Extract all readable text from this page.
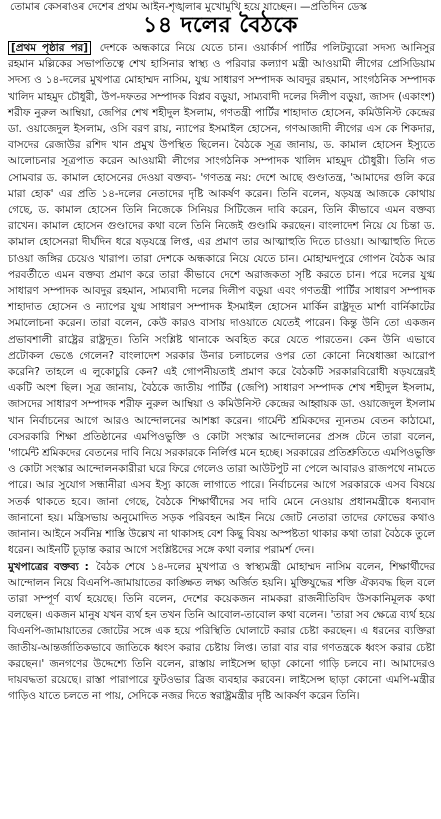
তোমাৰ কেসৰাওৰ দেশেৰ প্ৰথম আইন-শৃঙ্খলাৰ মুখোমুখি হয়ে যাচ্ছেন। —প্ৰতিদিন ডেস্ক
১৪ দলের বৈঠকে

[প্রথম পৃষ্ঠার পর] দেশকে অন্ধকারে নিয়ে যেতে চান। ওয়ার্কার্স পার্টির পলিটব্যুরো সদস্য আনিসুর রহমান মল্লিকের সভাপতিত্বে শেখ হাসিনার স্বাস্থ্য ও পরিবার কল্যাণ মন্ত্রী আওয়ামী লীগের প্রেসিডিয়াম সদস্য ও ১৪-দলের মুখপাত্র মোহাম্মদ নাসিম, যুগ্ম সাধারণ সম্পাদক আবদুর রহমান, সাংগঠনিক সম্পাদক খালিদ মাহমুদ চৌধুরী, উপ-দফতর সম্পাদক বিপ্লব বড়ুয়া, সাম্যবাদী দলের দিলীপ বড়ুয়া, জাসদ (একাংশ) শরীফ নুরুল আম্বিয়া, জেপির শেখ শহীদুল ইসলাম, গণতন্ত্রী পার্টির শাহাদাত হোসেন, কমিউনিস্ট কেন্দ্রের ডা. ওয়াজেদুল ইসলাম, ওসি বরণ রায়, ন্যাপের ইসমাইল হোসেন, গণআজাদী লীগের এস কে শিকদার, বাসদের রেজাউর রশিদ খান প্রমুখ উপস্থিত ছিলেন। বৈঠকে সূত্র জানায়, ড. কামাল হোসেন ইস্যুতে আলোচনার সূত্রপাত করেন আওয়ামী লীগের সাংগঠনিক সম্পাদক খালিদ মাহমুদ চৌধুরী। তিনি গত সোমবার ড. কামাল হোসেনের দেওয়া বক্তব্য- 'গণতন্ত্র নয়: দেশে আছে গুণ্ডাতন্ত্র, 'আমাদের গুলি করে মারা হোক' এর প্রতি ১৪-দলের নেতাদের দৃষ্টি আকর্ষণ করেন। তিনি বলেন, ষড়যন্ত্র আজকে কোথায় গেছে, ড. কামাল হোসেন তিনি নিজেকে সিনিয়র সিটিজেন দাবি করেন, তিনি কীভাবে এমন বক্তব্য রাখেন। কামাল হোসেন গুণ্ডাদের কথা বলে তিনি নিজেই গুণ্ডামি করছেন। বাংলাদেশ নিয়ে যে চিন্তা ড. কামাল হোসেনরা দীর্ঘদিন ধরে ষড়যন্ত্রে লিপ্ত, এর প্রমাণ তার আত্মাহুতি দিতে চাওয়া। আত্মাহুতি দিতে চাওয়া জঙ্গির চেয়েও খারাপ। তারা দেশকে অন্ধকারে নিয়ে যেতে চান। মোহাম্মদপুরে গোপন বৈঠক আর পরবর্তীতে এমন বক্তব্য প্রমাণ করে তারা কীভাবে দেশে অরাজকতা সৃষ্টি করতে চান। পরে দলের যুগ্ম সাধারণ সম্পাদক আবদুর রহমান, সাম্যবাদী দলের দিলীপ বড়ুয়া এবং গণতন্ত্রী পার্টির সাধারণ সম্পাদক শাহাদাত হোসেন ও ন্যাপের যুগ্ম সাধারণ সম্পাদক ইসমাইল হোসেন মার্কিন রাষ্ট্রদূত মার্শা বার্নিকাটের সমালোচনা করেন। তারা বলেন, কেউ কারও বাসায় দাওয়াতে যেতেই পারেন। কিন্তু উনি তো একজন প্রভাবশালী রাষ্ট্রের রাষ্ট্রদূত। তিনি সংশ্লিষ্ট থানাকে অবহিত করে যেতে পারতেন। কেন উনি এভাবে প্রটোকল ভেঙে গেলেন? বাংলাদেশ সরকার উনার চলাচলের ওপর তো কোনো নিষেধাজ্ঞা আরোপ করেনি? তাহলে এ লুকোচুরি কেন? এই গোপনীয়তাই প্রমাণ করে বৈঠকটি সরকারবিরোধী ষড়যন্ত্রেরই একটি অংশ ছিল। সূত্র জানায়, বৈঠকে জাতীয় পার্টির (জেপি) সাধারণ সম্পাদক শেখ শহীদুল ইসলাম, জাসদের সাধারণ সম্পাদক শরীফ নুরুল আম্বিয়া ও কমিউনিস্ট কেন্দ্রের আহ্বায়ক ডা. ওয়াজেদুল ইসলাম খান নির্বাচনের আগে আরও আন্দোলনের আশঙ্কা করেন। গার্মেন্ট শ্রমিকদের ন্যূনতম বেতন কাঠামো, বেসরকারি শিক্ষা প্রতিষ্ঠানের এমপিওভুক্তি ও কোটা সংস্কার আন্দোলনের প্রসঙ্গ টেনে তারা বলেন, 'গার্মেন্ট শ্রমিকদের বেতনের দাবি নিয়ে সরকারকে নির্লিপ্ত মনে হচ্ছে। সরকারের প্রতিশ্রুতিতে এমপিওভুক্তি ও কোটা সংস্কার আন্দোলনকারীরা ঘরে ফিরে গেলেও তারা আউটপুট না পেলে আবারও রাজপথে নামতে পারে। আর সুযোগ সন্ধানীরা এসব ইস্যু কাজে লাগাতে পারে। নির্বাচনের আগে সরকারকে এসব বিষয়ে সতর্ক থাকতে হবে। জানা গেছে, বৈঠকে শিক্ষার্থীদের সব দাবি মেনে নেওয়ায় প্রধানমন্ত্রীকে ধন্যবাদ জানানো হয়। মন্ত্রিসভায় অনুমোদিত সড়ক পরিবহন আইন নিয়ে জোট নেতারা তাদের ফোভের কথাও জানান। আইনে সর্বনিম্ন শাস্তি উল্লেখ না থাকাসহ বেশ কিছু বিষয় অস্পষ্টতা থাকার কথা তারা বৈঠকে তুলে ধরেন। আইনটি চূড়ান্ত করার আগে সংশ্লিষ্টদের সঙ্গে কথা বলার পরামর্শ দেন।

মুখপাত্রের বক্তব্য : বৈঠক শেষে ১৪-দলের মুখপাত্র ও স্বাস্থ্যমন্ত্রী মোহাম্মদ নাসিম বলেন, শিক্ষার্থীদের আন্দোলন নিয়ে বিএনপি-জামায়াতের কাঙ্ক্ষিত লক্ষ্য অর্জিত হয়নি। মুক্তিযুদ্ধের শক্তি ঐক্যবদ্ধ ছিল বলে তারা সম্পূর্ণ ব্যর্থ হয়েছে। তিনি বলেন, দেশের কয়েকজন নামকরা রাজনীতিবিদ উসকানিমূলক কথা বলছেন। একজন মানুষ যখন ব্যর্থ হন তখন তিনি আবোল-তাবোল কথা বলেন। 'তারা সব ক্ষেত্রে ব্যর্থ হয়ে বিএনপি-জামায়াতের জোটের সঙ্গে এক হয়ে পরিস্থিতি ঘোলাটে করার চেষ্টা করছেন। এ ধরনের ব্যক্তিরা জাতীয়-আন্তর্জাতিকভাবে জাতিকে ধ্বংস করার চেষ্টায় লিপ্ত। তারা বার বার গণতন্ত্রকে ধ্বংস করার চেষ্টা করছেন।' জনগণের উদ্দেশ্যে তিনি বলেন, রাস্তায় লাইসেন্স ছাড়া কোনো গাড়ি চলবে না। আমাদেরও দায়বদ্ধতা রয়েছে। রাস্তা পারাপারে ফুটওভার ব্রিজ ব্যবহার করবেন। লাইসেন্স ছাড়া কোনো এমপি-মন্ত্রীর গাড়িও যাতে চলতে না পায়, সেদিকে নজর দিতে স্বরাষ্ট্রমন্ত্রীর দৃষ্টি আকর্ষণ করেন তিনি।
